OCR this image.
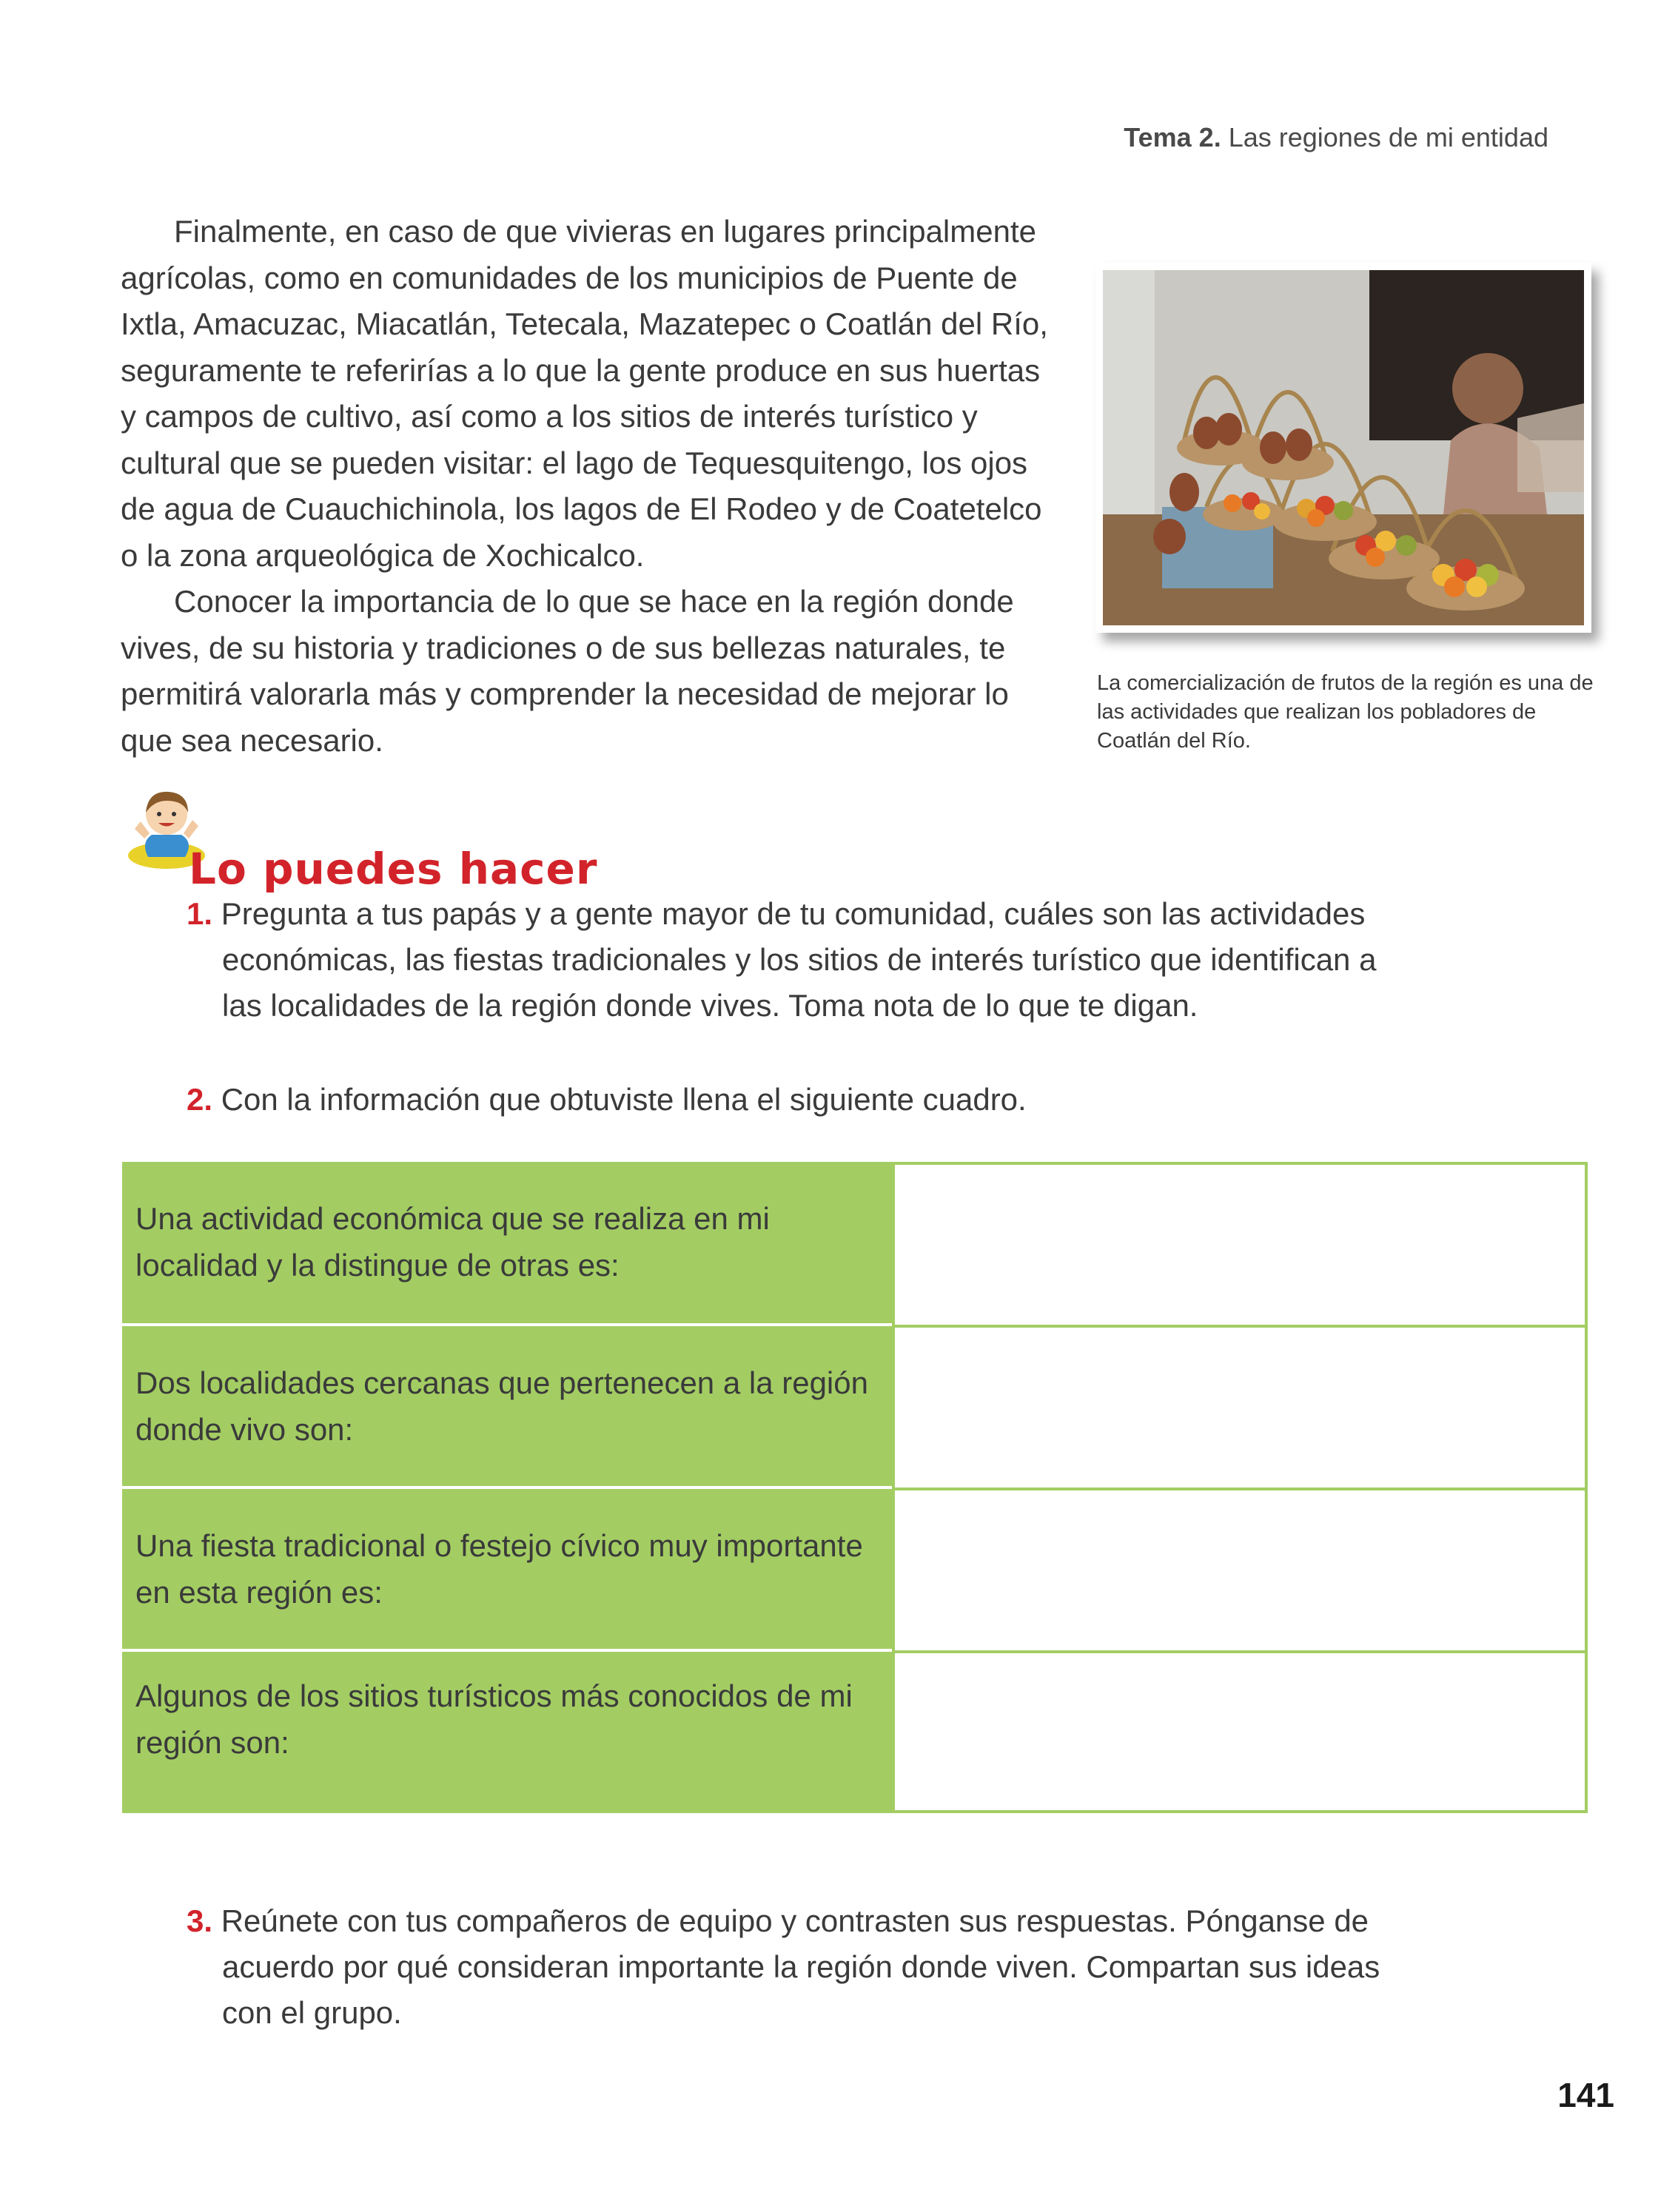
Tema 2. Las regiones de mi entidad

Finalmente, en caso de que vivieras en lugares principalmente agrícolas, como en comunidades de los municipios de Puente de Ixtla, Amacuzac, Miacatlán, Tetecala, Mazatepec o Coatlán del Río, seguramente te referirías a lo que la gente produce en sus huertas y campos de cultivo, así como a los sitios de interés turístico y cultural que se pueden visitar: el lago de Tequesquitengo, los ojos de agua de Cuauchichinola, los lagos de El Rodeo y de Coatetelco o la zona arqueológica de Xochicalco.

Conocer la importancia de lo que se hace en la región donde vives, de su historia y tradiciones o de sus bellezas naturales, te permitirá valorarla más y comprender la necesidad de mejorar lo que sea necesario.

La comercialización de frutos de la región es una de las actividades que realizan los pobladores de Coatlán del Río.
Lo puedes hacer
1. Pregunta a tus papás y a gente mayor de tu comunidad, cuáles son las actividades
económicas, las fiestas tradicionales y los sitios de interés turístico que identifican a
las localidades de la región donde vives. Toma nota de lo que te digan.
2. Con la información que obtuviste llena el siguiente cuadro.
Una actividad económica que se realiza en mi localidad y la distingue de otras es:
Dos localidades cercanas que pertenecen a la región donde vivo son:
Una fiesta tradicional o festejo cívico muy importante en esta región es:
Algunos de los sitios turísticos más conocidos de mi región son:
3. Reúnete con tus compañeros de equipo y contrasten sus respuestas. Pónganse de
acuerdo por qué consideran importante la región donde viven. Compartan sus ideas
con el grupo.
141
